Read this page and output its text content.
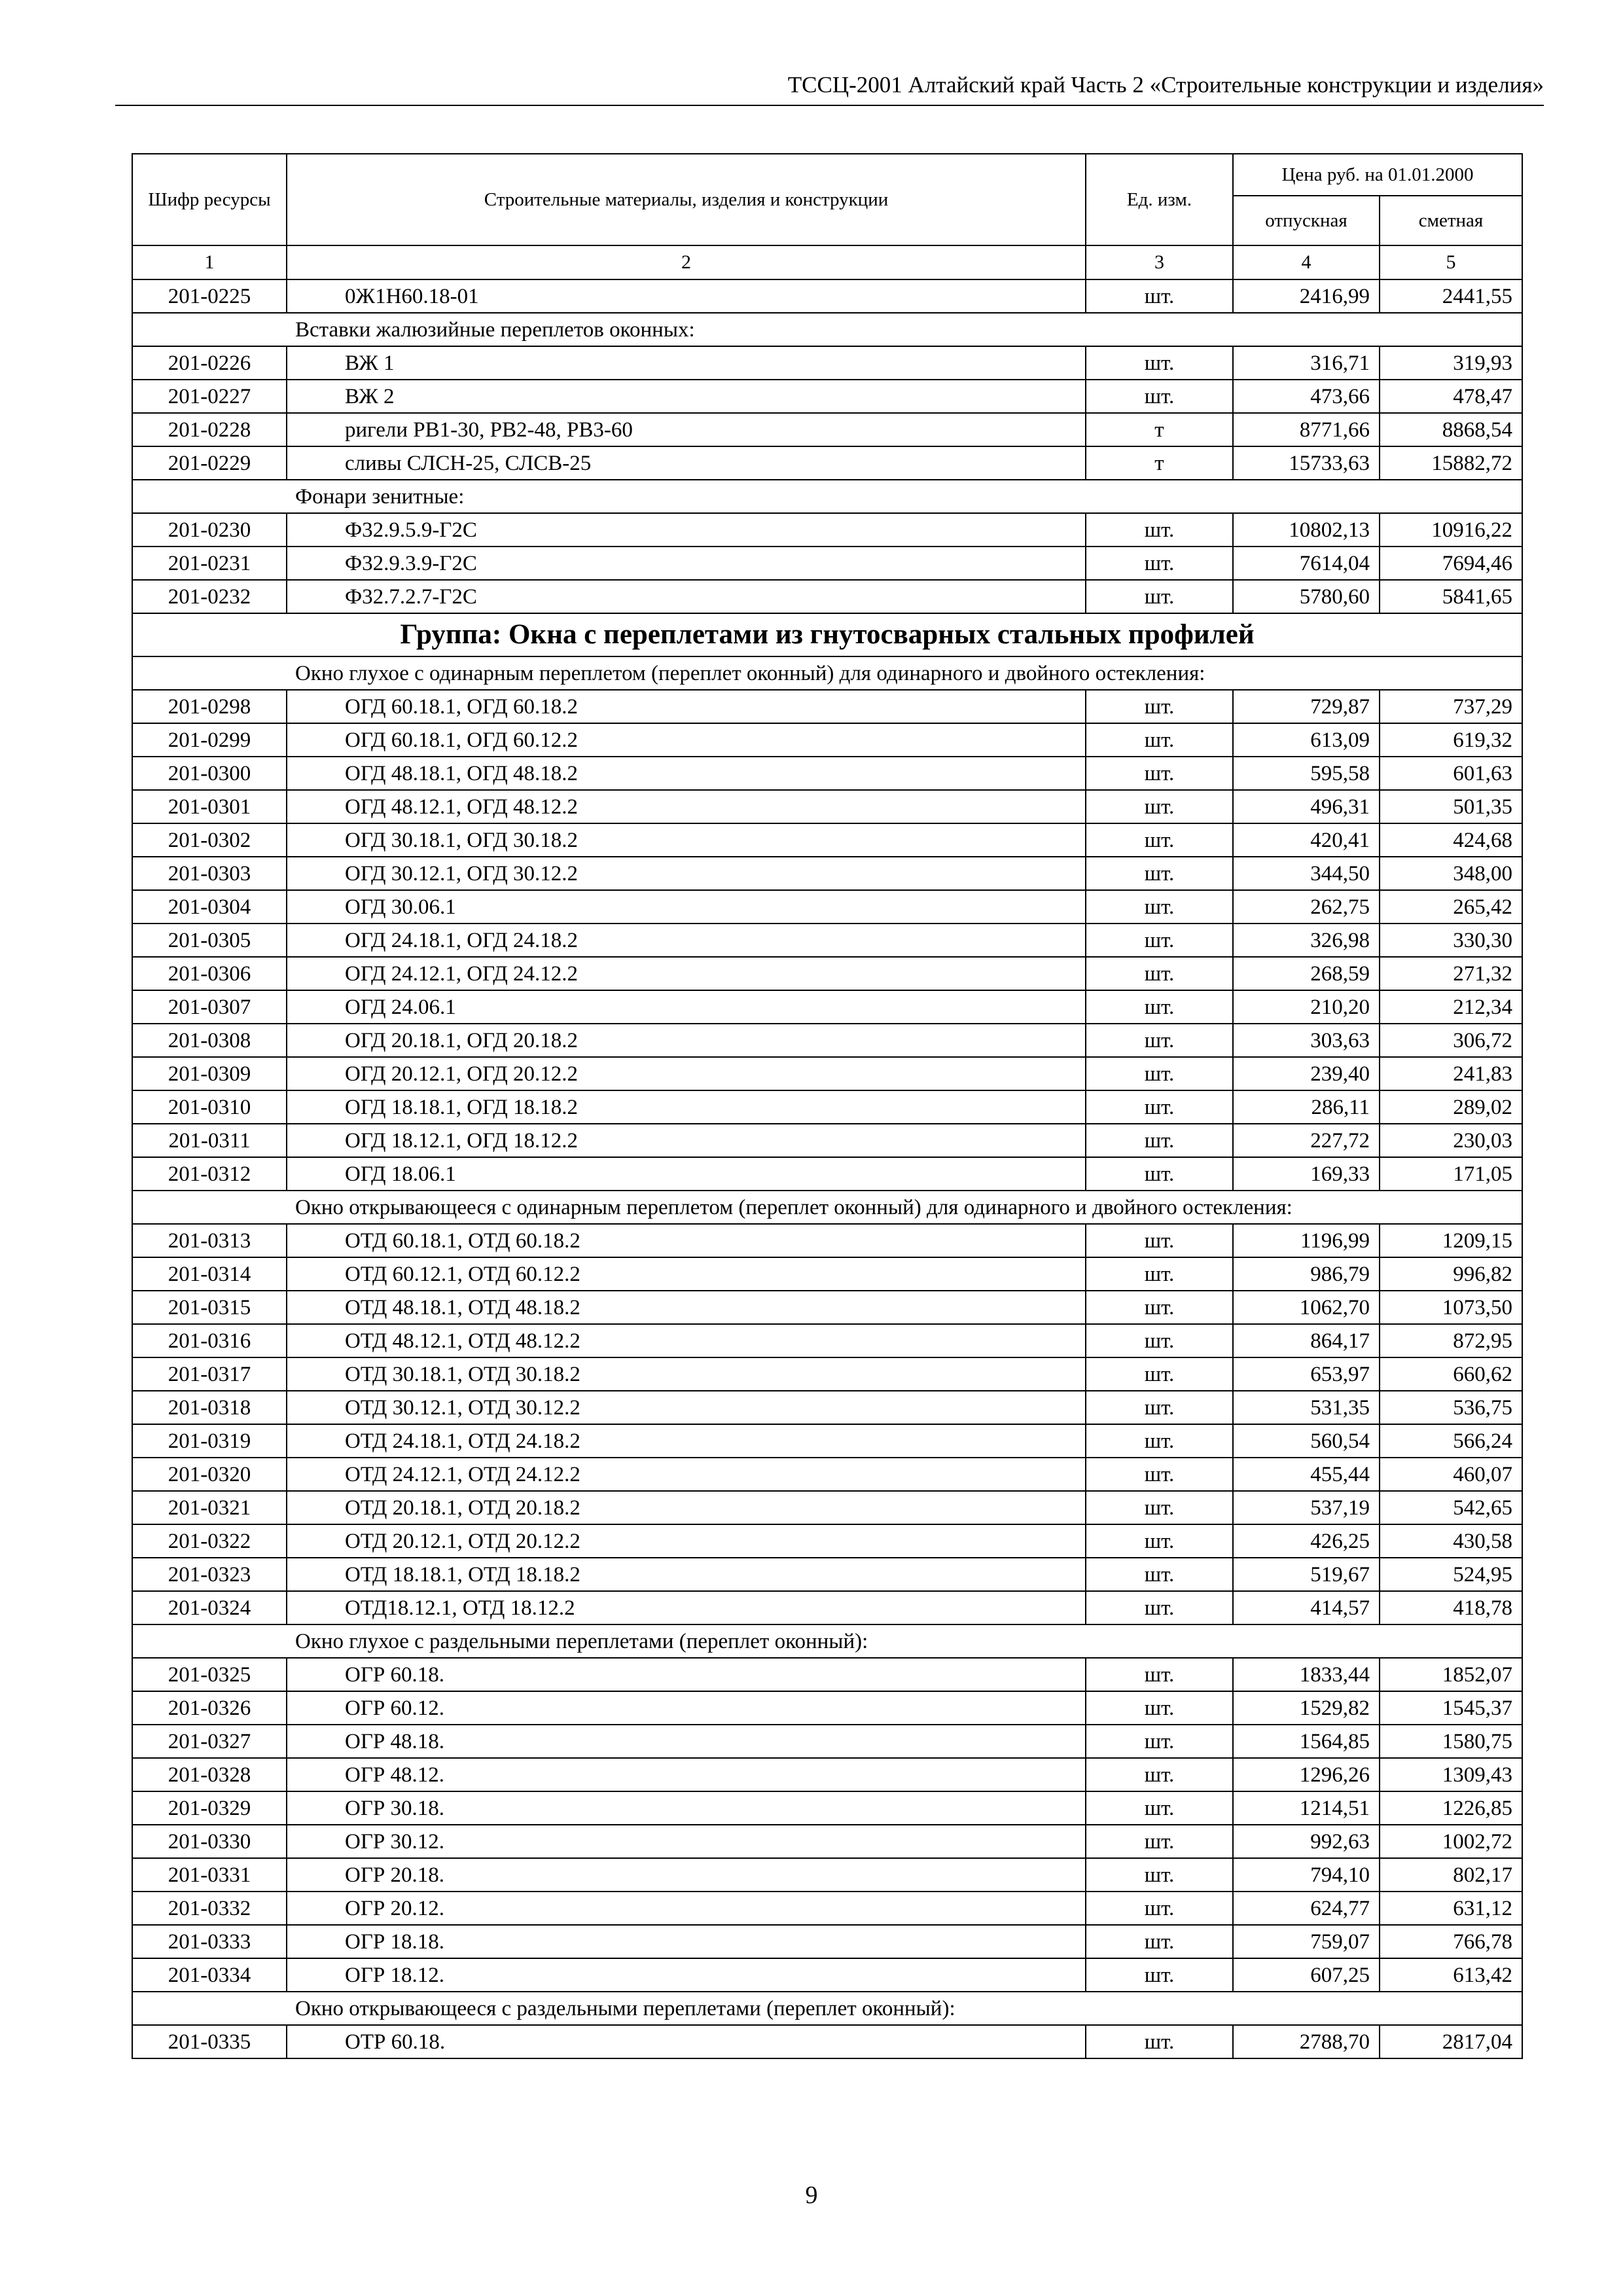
ТССЦ-2001 Алтайский край Часть 2 «Строительные конструкции и изделия»
Шифр ресурсы	Строительные материалы, изделия и конструкции	Ед. изм.	Цена руб. на 01.01.2000	
			отпускная	сметная
1	2	3	4	5
201-0225	0Ж1Н60.18-01	шт.	2416,99	2441,55
Вставки жалюзийные переплетов оконных:				
201-0226	ВЖ 1	шт.	316,71	319,93
201-0227	ВЖ 2	шт.	473,66	478,47
201-0228	ригели РВ1-30, РВ2-48, РВ3-60	т	8771,66	8868,54
201-0229	сливы СЛСН-25, СЛСВ-25	т	15733,63	15882,72
Фонари зенитные:				
201-0230	Ф32.9.5.9-Г2С	шт.	10802,13	10916,22
201-0231	Ф32.9.3.9-Г2С	шт.	7614,04	7694,46
201-0232	Ф32.7.2.7-Г2С	шт.	5780,60	5841,65
Группа: Окна с переплетами из гнутосварных стальных профилей				
Окно глухое с одинарным переплетом (переплет оконный) для одинарного и двойного остекления:				
201-0298	ОГД 60.18.1, ОГД 60.18.2	шт.	729,87	737,29
201-0299	ОГД 60.18.1, ОГД 60.12.2	шт.	613,09	619,32
201-0300	ОГД 48.18.1, ОГД 48.18.2	шт.	595,58	601,63
201-0301	ОГД 48.12.1, ОГД 48.12.2	шт.	496,31	501,35
201-0302	ОГД 30.18.1, ОГД 30.18.2	шт.	420,41	424,68
201-0303	ОГД 30.12.1, ОГД 30.12.2	шт.	344,50	348,00
201-0304	ОГД 30.06.1	шт.	262,75	265,42
201-0305	ОГД 24.18.1, ОГД 24.18.2	шт.	326,98	330,30
201-0306	ОГД 24.12.1, ОГД 24.12.2	шт.	268,59	271,32
201-0307	ОГД 24.06.1	шт.	210,20	212,34
201-0308	ОГД 20.18.1, ОГД 20.18.2	шт.	303,63	306,72
201-0309	ОГД 20.12.1, ОГД 20.12.2	шт.	239,40	241,83
201-0310	ОГД 18.18.1, ОГД 18.18.2	шт.	286,11	289,02
201-0311	ОГД 18.12.1, ОГД 18.12.2	шт.	227,72	230,03
201-0312	ОГД 18.06.1	шт.	169,33	171,05
Окно открывающееся с одинарным переплетом (переплет оконный) для одинарного и двойного остекления:				
201-0313	ОТД 60.18.1, ОТД 60.18.2	шт.	1196,99	1209,15
201-0314	ОТД 60.12.1, ОТД 60.12.2	шт.	986,79	996,82
201-0315	ОТД 48.18.1, ОТД 48.18.2	шт.	1062,70	1073,50
201-0316	ОТД 48.12.1, ОТД 48.12.2	шт.	864,17	872,95
201-0317	ОТД 30.18.1, ОТД 30.18.2	шт.	653,97	660,62
201-0318	ОТД 30.12.1, ОТД 30.12.2	шт.	531,35	536,75
201-0319	ОТД 24.18.1, ОТД 24.18.2	шт.	560,54	566,24
201-0320	ОТД 24.12.1, ОТД 24.12.2	шт.	455,44	460,07
201-0321	ОТД 20.18.1, ОТД 20.18.2	шт.	537,19	542,65
201-0322	ОТД 20.12.1, ОТД 20.12.2	шт.	426,25	430,58
201-0323	ОТД 18.18.1, ОТД 18.18.2	шт.	519,67	524,95
201-0324	ОТД18.12.1, ОТД 18.12.2	шт.	414,57	418,78
Окно глухое с раздельными переплетами (переплет оконный):				
201-0325	ОГР 60.18.	шт.	1833,44	1852,07
201-0326	ОГР 60.12.	шт.	1529,82	1545,37
201-0327	ОГР 48.18.	шт.	1564,85	1580,75
201-0328	ОГР 48.12.	шт.	1296,26	1309,43
201-0329	ОГР 30.18.	шт.	1214,51	1226,85
201-0330	ОГР 30.12.	шт.	992,63	1002,72
201-0331	ОГР 20.18.	шт.	794,10	802,17
201-0332	ОГР 20.12.	шт.	624,77	631,12
201-0333	ОГР 18.18.	шт.	759,07	766,78
201-0334	ОГР 18.12.	шт.	607,25	613,42
Окно открывающееся с раздельными переплетами (переплет оконный):				
201-0335	ОТР 60.18.	шт.	2788,70	2817,04
9
